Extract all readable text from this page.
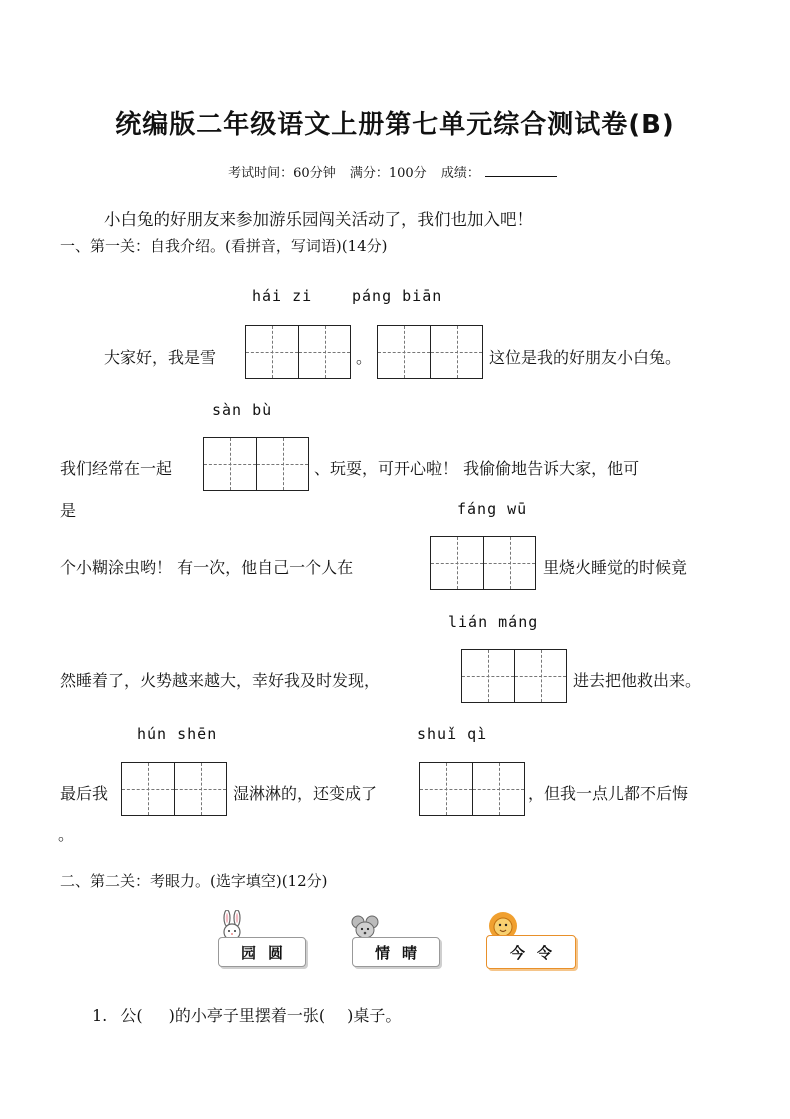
统编版二年级语文上册第七单元综合测试卷(B)
考试时间：60分钟 满分：100分 成绩：
小白兔的好朋友来参加游乐园闯关活动了，我们也加入吧！
一、第一关：自我介绍。(看拼音，写词语)(14分)
hái zi	páng biān
大家好，我是雪	。	这位是我的好朋友小白兔。
sàn bù
我们经常在一起	、玩耍，可开心啦！ 我偷偷地告诉大家，他可
是	fáng wū
个小糊涂虫哟！ 有一次，他自己一个人在	里烧火睡觉的时候竟
lián máng
然睡着了，火势越来越大，幸好我及时发现，	进去把他救出来。
hún shēn	shuǐ qì
最后我	湿淋淋的，还变成了	，但我一点儿都不后悔
。
二、第二关：考眼力。(选字填空)(12分)
园圆	情晴	今令
1. 公( )的小亭子里摆着一张( )桌子。
